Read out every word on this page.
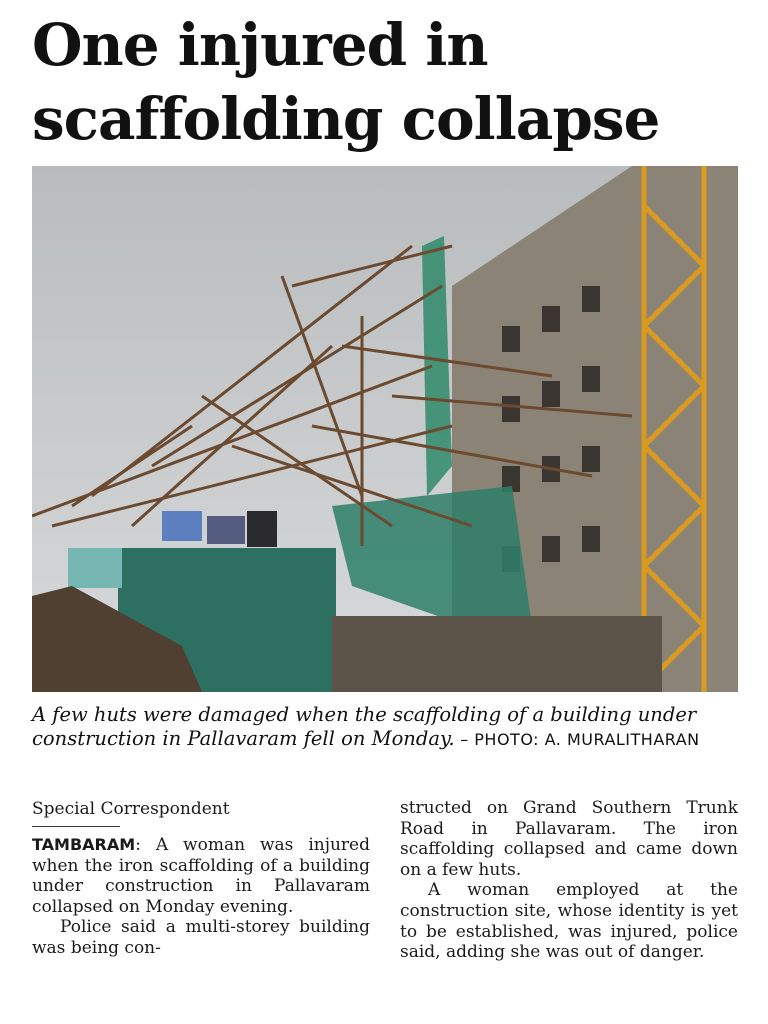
One injured in scaffolding collapse

A few huts were damaged when the scaffolding of a building under construction in Pallavaram fell on Monday. – PHOTO: A. MURALITHARAN

Special Correspondent

TAMBARAM: A woman was injured when the iron scaffolding of a building under construction in Pallavaram collapsed on Monday evening.

Police said a multi-storey building was being con-

structed on Grand Southern Trunk Road in Pallavaram. The iron scaffolding collapsed and came down on a few huts.

A woman employed at the construction site, whose identity is yet to be established, was injured, police said, adding she was out of danger.
